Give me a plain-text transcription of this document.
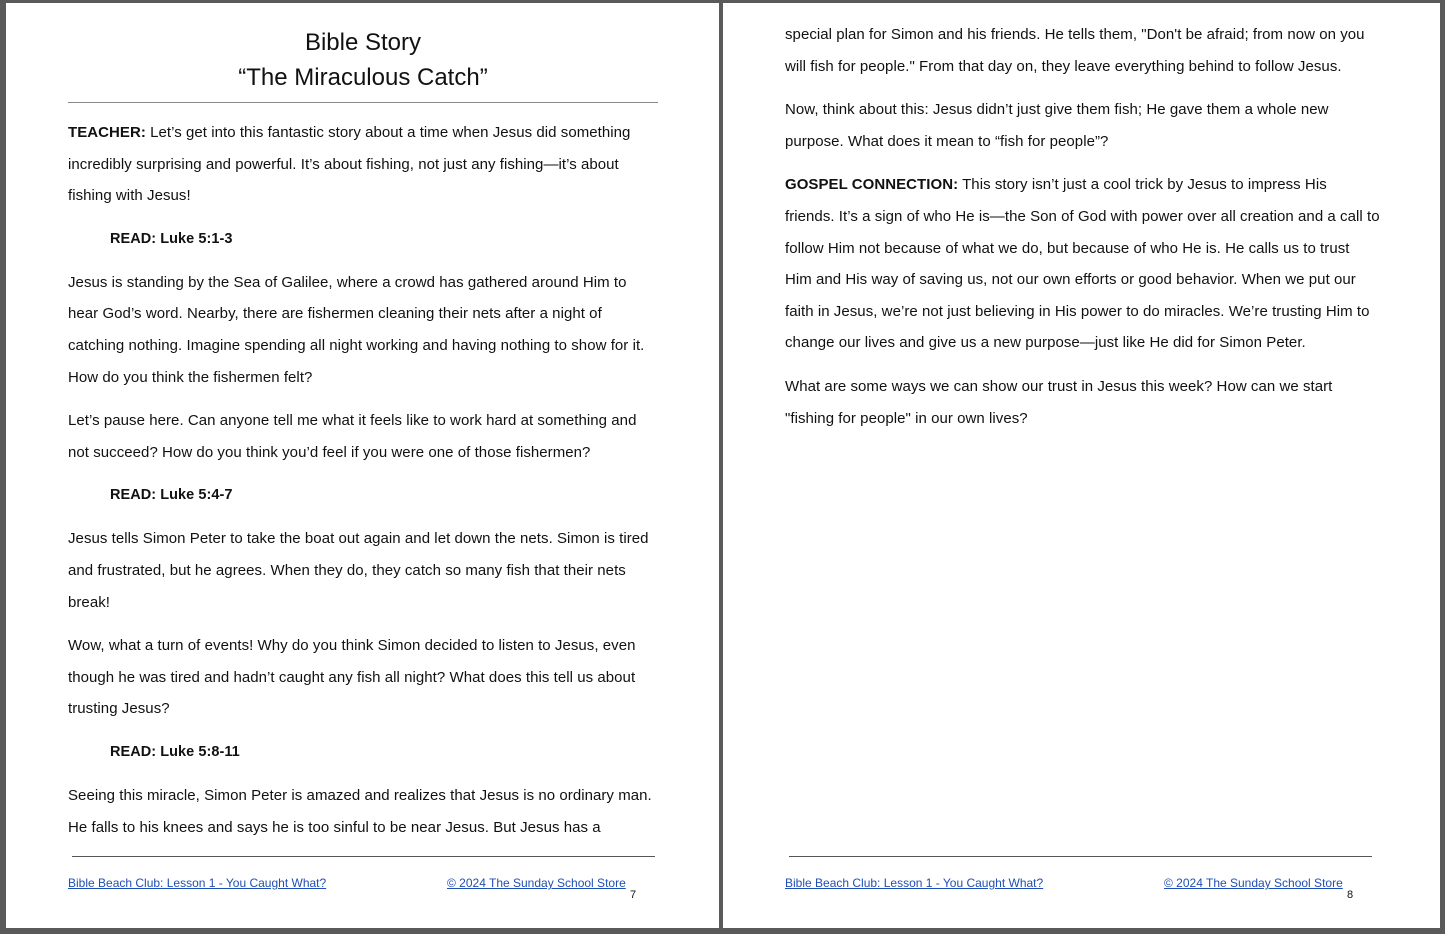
Bible Story
“The Miraculous Catch”

TEACHER: Let’s get into this fantastic story about a time when Jesus did something incredibly surprising and powerful. It’s about fishing, not just any fishing—it’s about fishing with Jesus!

READ: Luke 5:1-3

Jesus is standing by the Sea of Galilee, where a crowd has gathered around Him to hear God’s word. Nearby, there are fishermen cleaning their nets after a night of catching nothing. Imagine spending all night working and having nothing to show for it. How do you think the fishermen felt?

Let’s pause here. Can anyone tell me what it feels like to work hard at something and not succeed? How do you think you’d feel if you were one of those fishermen?

READ: Luke 5:4-7

Jesus tells Simon Peter to take the boat out again and let down the nets. Simon is tired and frustrated, but he agrees. When they do, they catch so many fish that their nets break!

Wow, what a turn of events! Why do you think Simon decided to listen to Jesus, even though he was tired and hadn’t caught any fish all night? What does this tell us about trusting Jesus?

READ: Luke 5:8-11

Seeing this miracle, Simon Peter is amazed and realizes that Jesus is no ordinary man. He falls to his knees and says he is too sinful to be near Jesus. But Jesus has a

Bible Beach Club: Lesson 1 - You Caught What?	© 2024 The Sunday School Store
7

special plan for Simon and his friends. He tells them, "Don't be afraid; from now on you will fish for people." From that day on, they leave everything behind to follow Jesus.

Now, think about this: Jesus didn’t just give them fish; He gave them a whole new purpose. What does it mean to “fish for people”?

GOSPEL CONNECTION: This story isn’t just a cool trick by Jesus to impress His friends. It’s a sign of who He is—the Son of God with power over all creation and a call to follow Him not because of what we do, but because of who He is. He calls us to trust Him and His way of saving us, not our own efforts or good behavior. When we put our faith in Jesus, we’re not just believing in His power to do miracles. We’re trusting Him to change our lives and give us a new purpose—just like He did for Simon Peter.

What are some ways we can show our trust in Jesus this week? How can we start "fishing for people" in our own lives?

Bible Beach Club: Lesson 1 - You Caught What?	© 2024 The Sunday School Store
8
